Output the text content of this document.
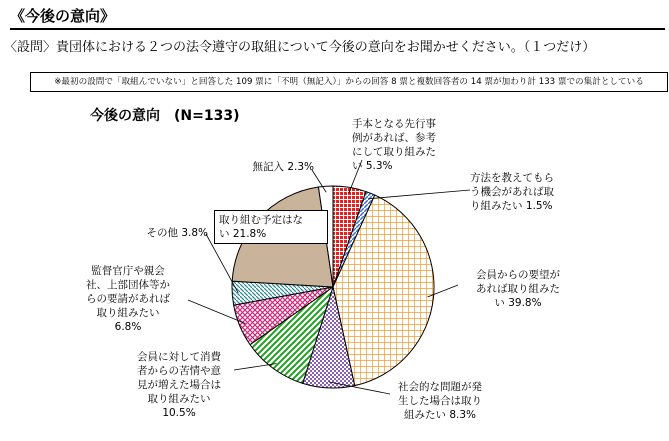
《今後の意向》
〈設問〉貴団体における２つの法令遵守の取組について今後の意向をお聞かせください。（１つだけ）
※最初の設問で「取組んでいない」と回答した 109 票に「不明（無記入）」からの回答 8 票と複数回答者の 14 票が加わり計 133 票での集計としている
今後の意向　(N=133)	手本となる先行事
例があれば、参考
にして取り組みた
い 5.3%
方法を教えてもら
う機会があれば取
り組みたい 1.5%
会員からの要望が
あれば取り組みた
い 39.8%
社会的な問題が発
生した場合は取り
組みたい 8.3%
会員に対して消費
者からの苦情や意
見が増えた場合は
取り組みたい
10.5%
監督官庁や親会
社、上部団体等か
らの要請があれば
取り組みたい
6.8%
その他 3.8%
取り組む予定はな
い 21.8%
無記入 2.3%
